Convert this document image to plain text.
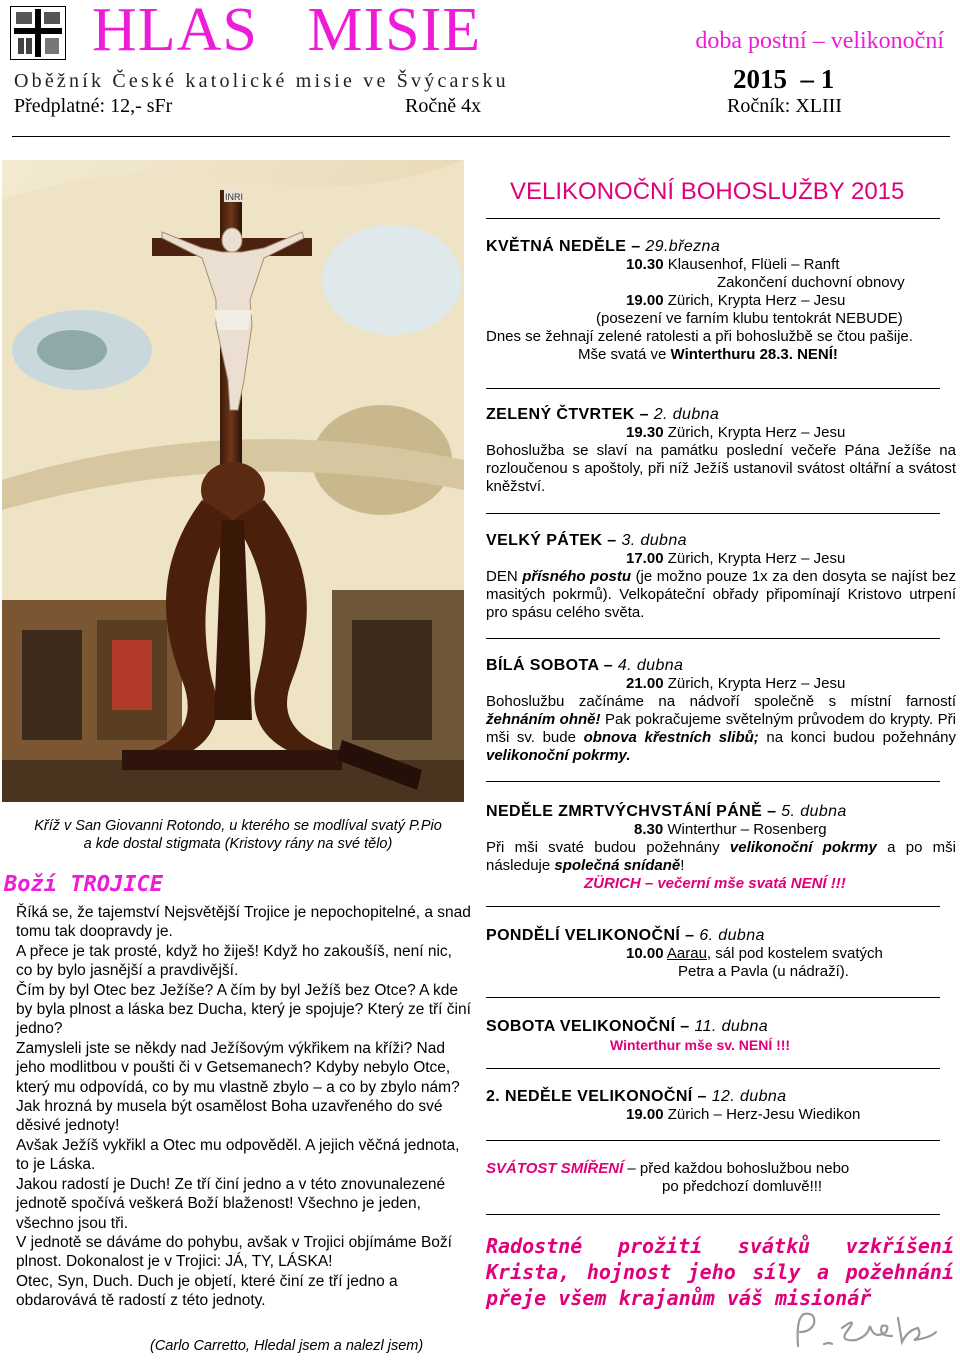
HLAS   MISIE	doba postní – velikonoční
Oběžník České katolické misie ve Švýcarsku	2015  – 1
Předplatné: 12,- sFr	Ročně 4x	Ročník: XLIII
INRI
Kříž v San Giovanni Rotondo, u kterého se modlíval svatý P.Pio
a kde dostal stigmata (Kristovy rány na své tělo)
Boží TROJICE

Říká se, že tajemství Nejsvětější Trojice je nepochopitelné, a snad tomu tak doopravdy je.

A přece je tak prosté, když ho žiješ! Když ho zakoušíš, není nic, co by bylo jasnější a pravdivější.

Čím by byl Otec bez Ježíše? A čím by byl Ježíš bez Otce? A kde by byla plnost a láska bez Ducha, který je spojuje? Který ze tří činí jedno?

Zamysleli jste se někdy nad Ježíšovým výkřikem na kříži? Nad jeho modlitbou v poušti či v Getsemanech? Kdyby nebylo Otce, který mu odpovídá, co by mu vlastně zbylo – a co by zbylo nám?

Jak hrozná by musela být osamělost Boha uzavřeného do své děsivé jednoty!

Avšak Ježíš vykřikl a Otec mu odpověděl. A jejich věčná jednota, to je Láska.

Jakou radostí je Duch! Ze tří činí jedno a v této znovunalezené jednotě spočívá veškerá Boží blaženost! Všechno je jeden, všechno jsou tři.

V jednotě se dáváme do pohybu, avšak v Trojici objímáme Boží plnost. Dokonalost je v Trojici: JÁ, TY, LÁSKA!

Otec, Syn, Duch. Duch je objetí, které činí ze tří jedno a obdarovává tě radostí z této jednoty.

(Carlo Carretto, Hledal jsem a nalezl jsem)
VELIKONOČNÍ BOHOSLUŽBY 2015
KVĚTNÁ NEDĚLE – 29.března
10.30 Klausenhof, Flüeli – Ranft
Zakončení duchovní obnovy
19.00 Zürich, Krypta Herz – Jesu
(posezení ve farním klubu tentokrát NEBUDE)
Dnes se žehnají zelené ratolesti a při bohoslužbě se čtou pašije.
Mše svatá ve Winterthuru 28.3. NENÍ!
ZELENÝ ČTVRTEK – 2. dubna
19.30 Zürich, Krypta Herz – Jesu
Bohoslužba se slaví na památku poslední večeře Pána Ježíše na rozloučenou s apoštoly, při níž Ježíš ustanovil svátost oltářní a svátost kněžství.
VELKÝ PÁTEK – 3. dubna
17.00 Zürich, Krypta Herz – Jesu
DEN přísného postu (je možno pouze 1x za den dosyta se najíst bez masitých pokrmů). Velkopáteční obřady připomínají Kristovo utrpení pro spásu celého světa.
BÍLÁ SOBOTA – 4. dubna
21.00 Zürich, Krypta Herz – Jesu
Bohoslužbu začínáme na nádvoří společně s místní farností žehnáním ohně! Pak pokračujeme světelným průvodem do krypty. Při mši sv. bude obnova křestních slibů; na konci budou požehnány velikonoční pokrmy.
NEDĚLE ZMRTVÝCHVSTÁNÍ PÁNĚ – 5. dubna
8.30 Winterthur – Rosenberg
Při mši svaté budou požehnány velikonoční pokrmy a po mši následuje společná snídaně!
ZÜRICH – večerní mše svatá NENÍ !!!
PONDĚLÍ VELIKONOČNÍ – 6. dubna
10.00 Aarau, sál pod kostelem svatých
Petra a Pavla (u nádraží).
SOBOTA VELIKONOČNÍ – 11. dubna
Winterthur mše sv. NENÍ !!!
2. NEDĚLE VELIKONOČNÍ – 12. dubna
19.00 Zürich – Herz-Jesu Wiedikon
SVÁTOST SMÍŘENÍ – před každou bohoslužbou nebo
po předchozí domluvě!!!
Radostné prožití svátků vzkříšení Krista, hojnost jeho síly a požehnání přeje všem krajanům váš misionář
